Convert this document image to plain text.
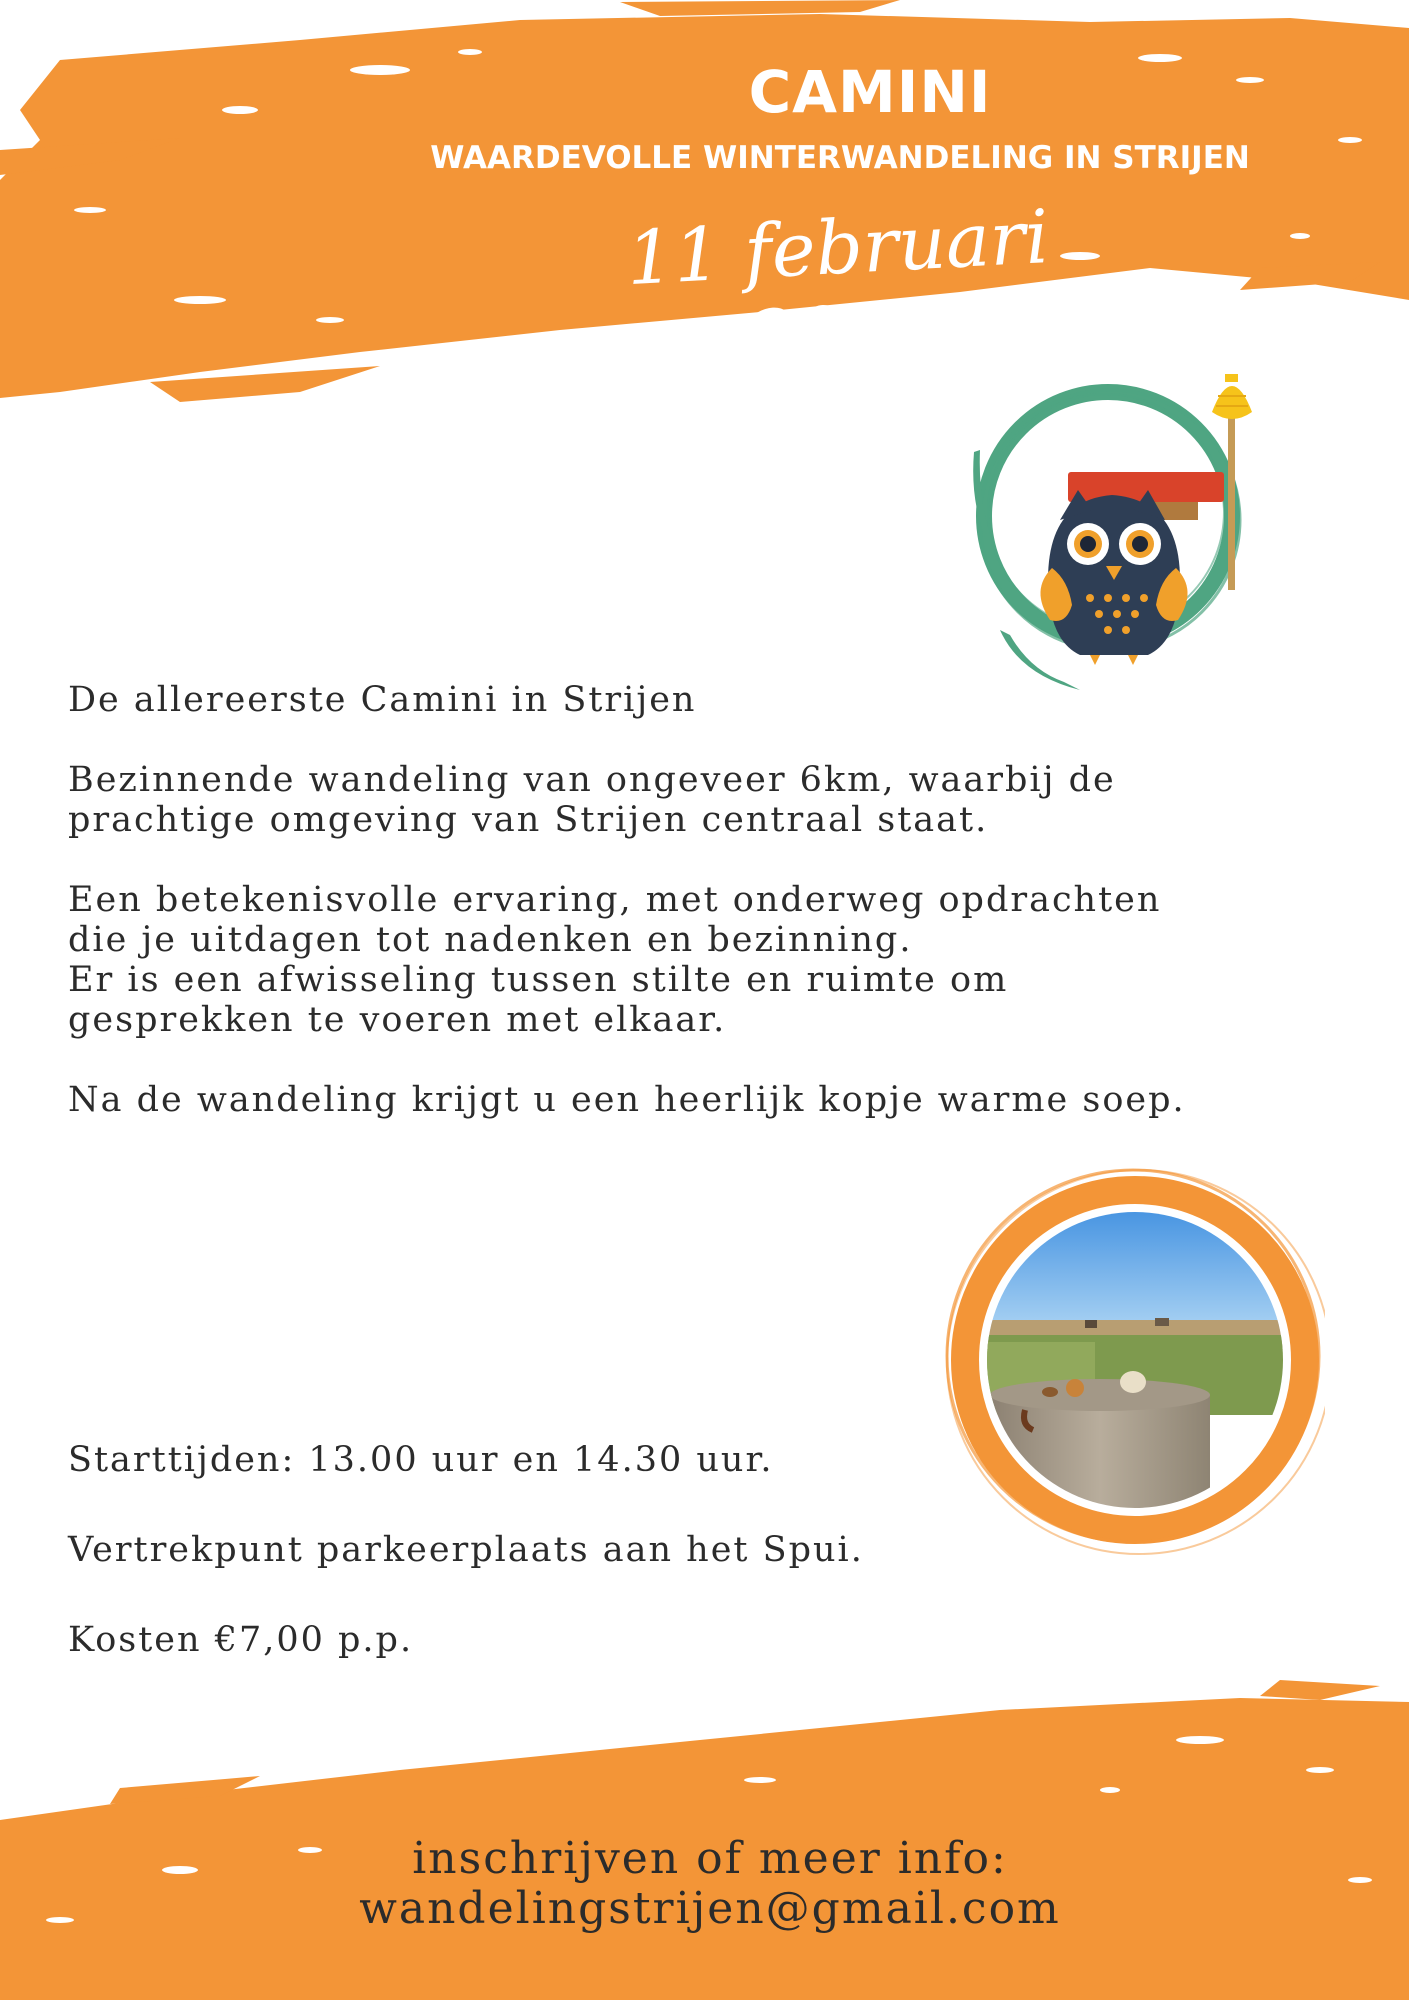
CAMINI
WAARDEVOLLE WINTERWANDELING IN STRIJEN
11 februari 2024

De allereerste Camini in Strijen

Bezinnende wandeling van ongeveer 6km, waarbij de
prachtige omgeving van Strijen centraal staat.

Een betekenisvolle ervaring, met onderweg opdrachten
die je uitdagen tot nadenken en bezinning.
Er is een afwisseling tussen stilte en ruimte om
gesprekken te voeren met elkaar.

Na de wandeling krijgt u een heerlijk kopje warme soep.

Starttijden: 13.00 uur en 14.30 uur.

Vertrekpunt parkeerplaats aan het Spui.

Kosten €7,00 p.p.

inschrijven of meer info:
wandelingstrijen@gmail.com
